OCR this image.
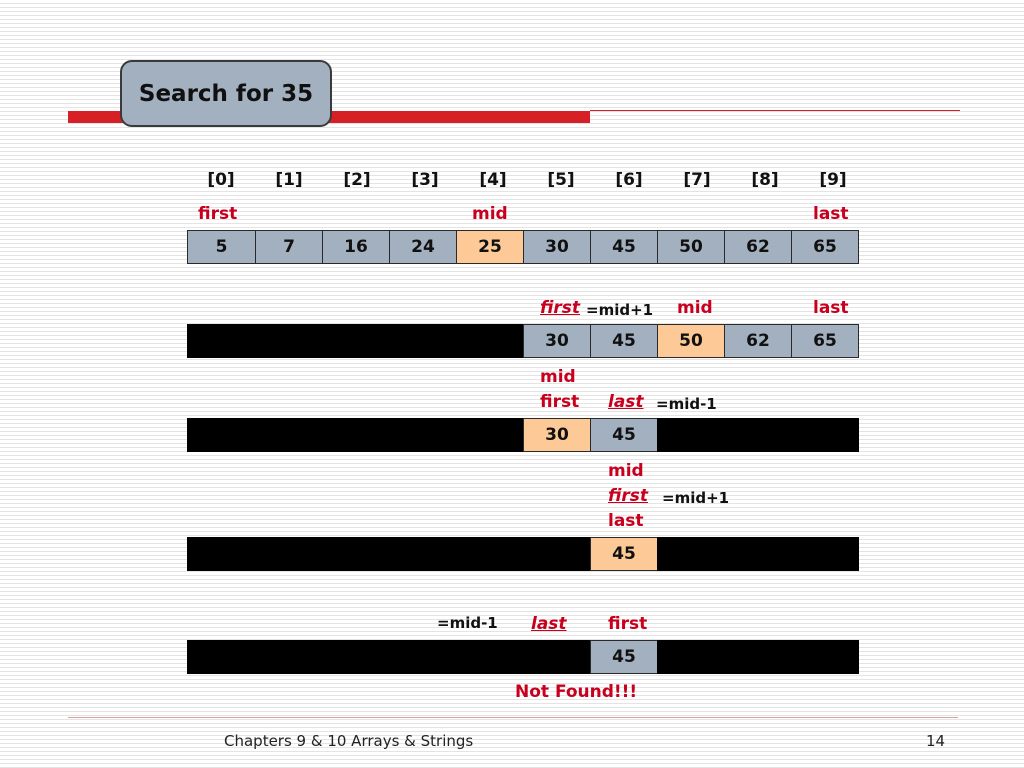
Search for 35
[0]	[1]	[2]	[3]	[4]	[5]	[6]	[7]	[8]	[9]
first	mid	last
5	7	16	24	25	30	45	50	62	65
first =mid+1 mid	last
30	45	50	62	65
mid
first last =mid-1
30	45
mid
first =mid+1
last
45
=mid-1 last first
45
Not Found!!!
Chapters 9 & 10 Arrays & Strings	14
